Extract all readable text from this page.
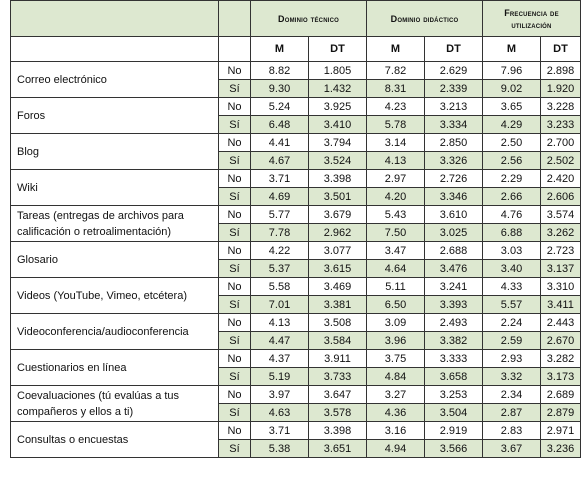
		Dominio técnico		Dominio didáctico		Frecuencia de utilización	
		M	DT	M	DT	M	DT
Correo electrónico	No	8.82	1.805	7.82	2.629	7.96	2.898
	Sí	9.30	1.432	8.31	2.339	9.02	1.920
Foros	No	5.24	3.925	4.23	3.213	3.65	3.228
	Sí	6.48	3.410	5.78	3.334	4.29	3.233
Blog	No	4.41	3.794	3.14	2.850	2.50	2.700
	Sí	4.67	3.524	4.13	3.326	2.56	2.502
Wiki	No	3.71	3.398	2.97	2.726	2.29	2.420
	Sí	4.69	3.501	4.20	3.346	2.66	2.606
Tareas (entregas de archivos para calificación o retroalimentación)	No	5.77	3.679	5.43	3.610	4.76	3.574
	Sí	7.78	2.962	7.50	3.025	6.88	3.262
Glosario	No	4.22	3.077	3.47	2.688	3.03	2.723
	Sí	5.37	3.615	4.64	3.476	3.40	3.137
Videos (YouTube, Vimeo, etcétera)	No	5.58	3.469	5.11	3.241	4.33	3.310
	Sí	7.01	3.381	6.50	3.393	5.57	3.411
Videoconferencia/audioconferencia	No	4.13	3.508	3.09	2.493	2.24	2.443
	Sí	4.47	3.584	3.96	3.382	2.59	2.670
Cuestionarios en línea	No	4.37	3.911	3.75	3.333	2.93	3.282
	Sí	5.19	3.733	4.84	3.658	3.32	3.173
Coevaluaciones (tú evalúas a tus compañeros y ellos a ti)	No	3.97	3.647	3.27	3.253	2.34	2.689
	Sí	4.63	3.578	4.36	3.504	2.87	2.879
Consultas o encuestas	No	3.71	3.398	3.16	2.919	2.83	2.971
	Sí	5.38	3.651	4.94	3.566	3.67	3.236
